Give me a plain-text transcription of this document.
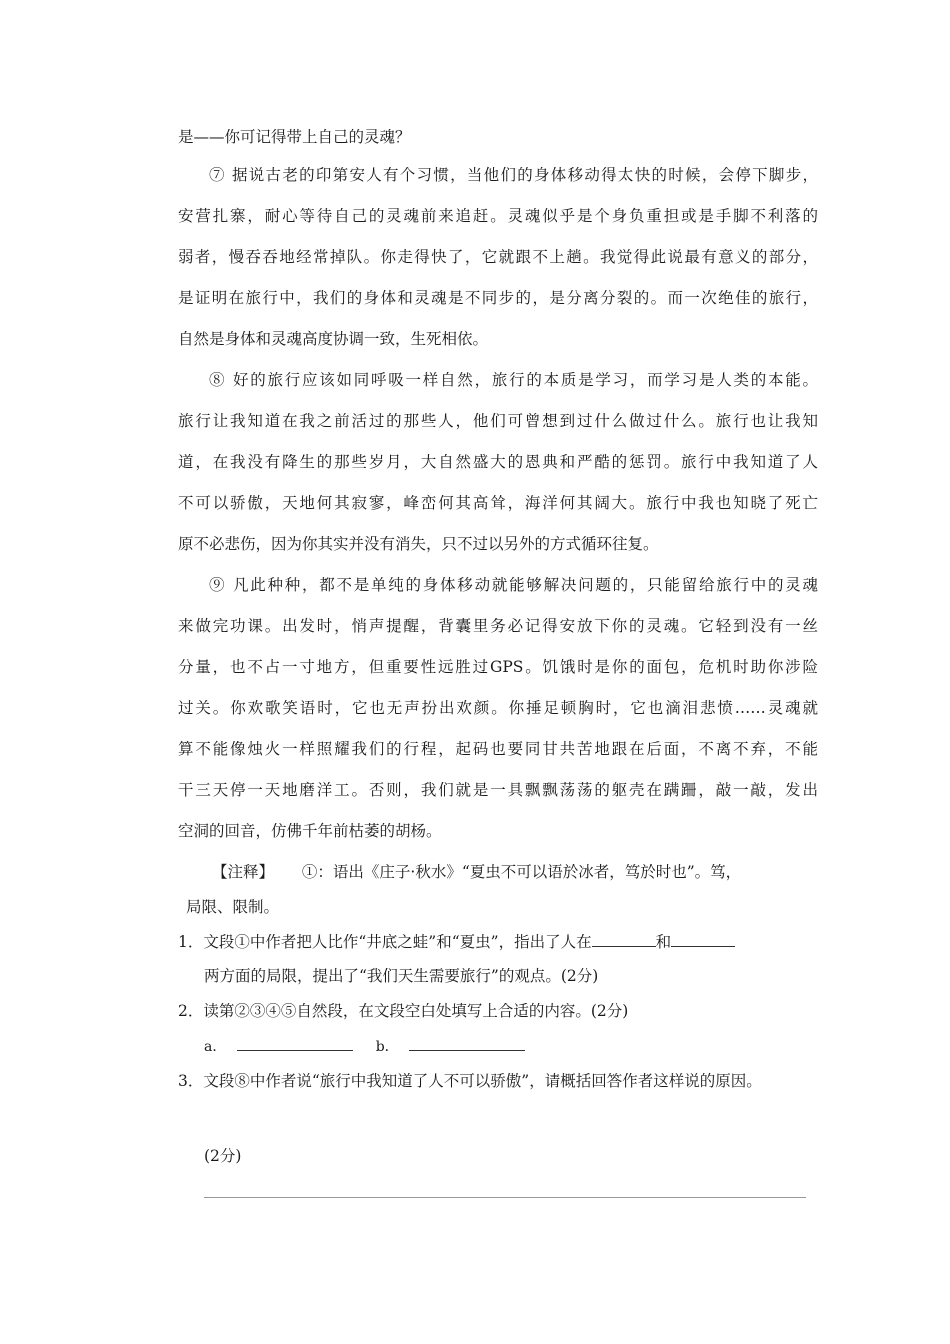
是——你可记得带上自己的灵魂？
⑦ 据说古老的印第安人有个习惯，当他们的身体移动得太快的时候，会停下脚步，
安营扎寨，耐心等待自己的灵魂前来追赶。灵魂似乎是个身负重担或是手脚不利落的
弱者，慢吞吞地经常掉队。你走得快了，它就跟不上趟。我觉得此说最有意义的部分，
是证明在旅行中，我们的身体和灵魂是不同步的，是分离分裂的。而一次绝佳的旅行，
自然是身体和灵魂高度协调一致，生死相依。
⑧ 好的旅行应该如同呼吸一样自然，旅行的本质是学习，而学习是人类的本能。
旅行让我知道在我之前活过的那些人，他们可曾想到过什么做过什么。旅行也让我知
道，在我没有降生的那些岁月，大自然盛大的恩典和严酷的惩罚。旅行中我知道了人
不可以骄傲，天地何其寂寥，峰峦何其高耸，海洋何其阔大。旅行中我也知晓了死亡
原不必悲伤，因为你其实并没有消失，只不过以另外的方式循环往复。
⑨ 凡此种种，都不是单纯的身体移动就能够解决问题的，只能留给旅行中的灵魂
来做完功课。出发时，悄声提醒，背囊里务必记得安放下你的灵魂。它轻到没有一丝
分量，也不占一寸地方，但重要性远胜过GPS。饥饿时是你的面包，危机时助你涉险
过关。你欢歌笑语时，它也无声扮出欢颜。你捶足顿胸时，它也滴泪悲愤……灵魂就
算不能像烛火一样照耀我们的行程，起码也要同甘共苦地跟在后面，不离不弃，不能
干三天停一天地磨洋工。否则，我们就是一具飘飘荡荡的躯壳在蹒跚，敲一敲，发出
空洞的回音，仿佛千年前枯萎的胡杨。
【注释】 ①：语出《庄子·秋水》“夏虫不可以语於冰者，笃於时也”。笃，
局限、限制。
1．文段①中作者把人比作“井底之蛙”和“夏虫”，指出了人在	和
两方面的局限，提出了“我们天生需要旅行”的观点。(2分)
2．读第②③④⑤自然段，在文段空白处填写上合适的内容。(2分)
a．	b．
3．文段⑧中作者说“旅行中我知道了人不可以骄傲”，请概括回答作者这样说的原因。
(2分)
